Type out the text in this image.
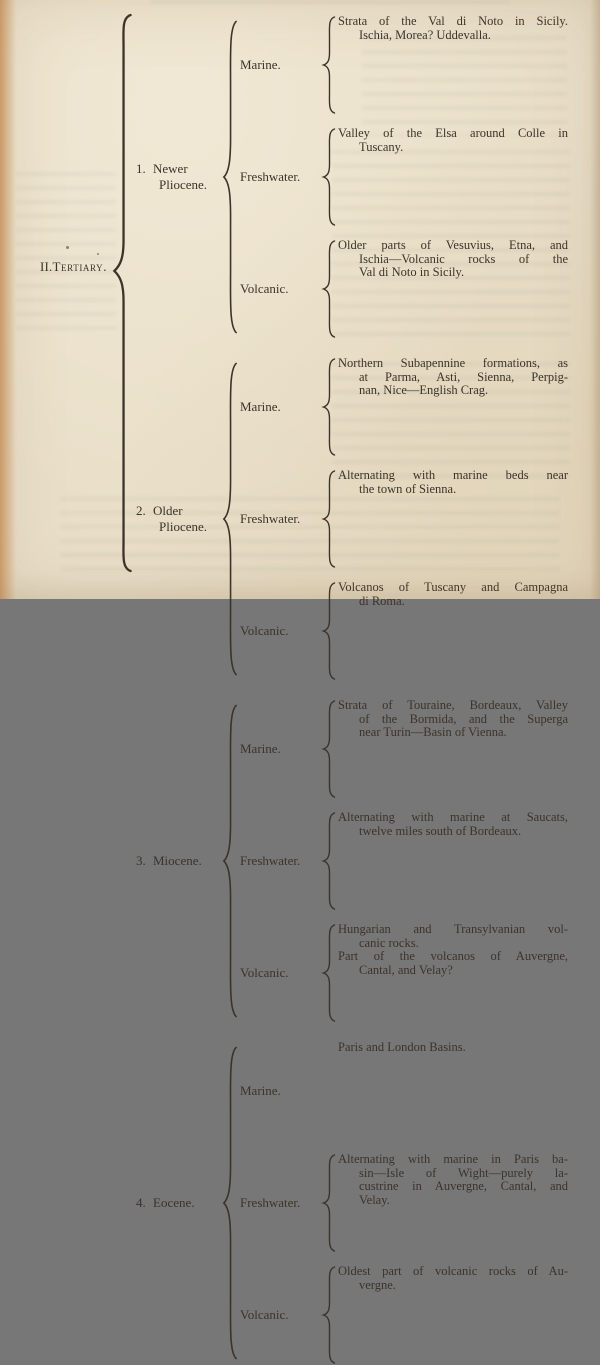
II. Tertiary.
1. Newer
Pliocene.
Marine.
Strata of the Val di Noto in Sicily.
Ischia, Morea? Uddevalla.
Freshwater.
Valley of the Elsa around Colle in
Tuscany.
Volcanic.
Older parts of Vesuvius, Etna, and
Ischia—Volcanic rocks of the
Val di Noto in Sicily.
2. Older
Pliocene.
Marine.
Northern Subapennine formations, as
at Parma, Asti, Sienna, Perpig-
nan, Nice—English Crag.
Freshwater.
Alternating with marine beds near
the town of Sienna.
Volcanic.
Volcanos of Tuscany and Campagna
di Roma.
3. Miocene.
Marine.
Strata of Touraine, Bordeaux, Valley
of the Bormida, and the Superga
near Turin—Basin of Vienna.
Freshwater.
Alternating with marine at Saucats,
twelve miles south of Bordeaux.
Volcanic.
Hungarian and Transylvanian vol-
canic rocks.
Part of the volcanos of Auvergne,
Cantal, and Velay?
4. Eocene.
Marine.
Paris and London Basins.
Freshwater.
Alternating with marine in Paris ba-
sin—Isle of Wight—purely la-
custrine in Auvergne, Cantal, and
Velay.
Volcanic.
Oldest part of volcanic rocks of Au-
vergne.
